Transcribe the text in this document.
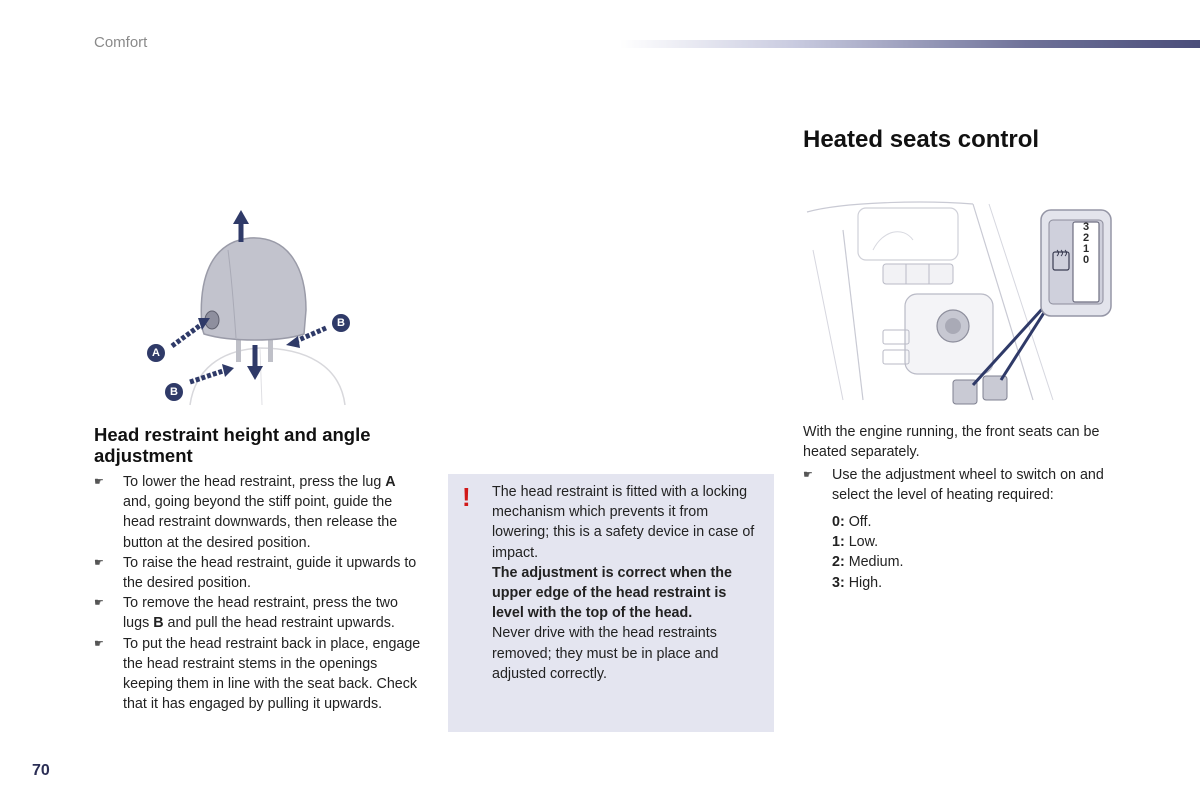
Comfort
A
B
B
Head restraint height and angle adjustment
☛ To lower the head restraint, press the lug A and, going beyond the stiff point, guide the head restraint downwards, then release the button at the desired position.
☛ To raise the head restraint, guide it upwards to the desired position.
☛ To remove the head restraint, press the two lugs B and pull the head restraint upwards.
☛ To put the head restraint back in place, engage the head restraint stems in the openings keeping them in line with the seat back. Check that it has engaged by pulling it upwards.
! The head restraint is fitted with a locking mechanism which prevents it from lowering; this is a safety device in case of impact.

The adjustment is correct when the upper edge of the head restraint is level with the top of the head.

Never drive with the head restraints removed; they must be in place and adjusted correctly.

Heated seats control
3
2
1
0

With the engine running, the front seats can be heated separately.

☛ Use the adjustment wheel to switch on and select the level of heating required:
0: Off.
1: Low.
2: Medium.
3: High.
70
